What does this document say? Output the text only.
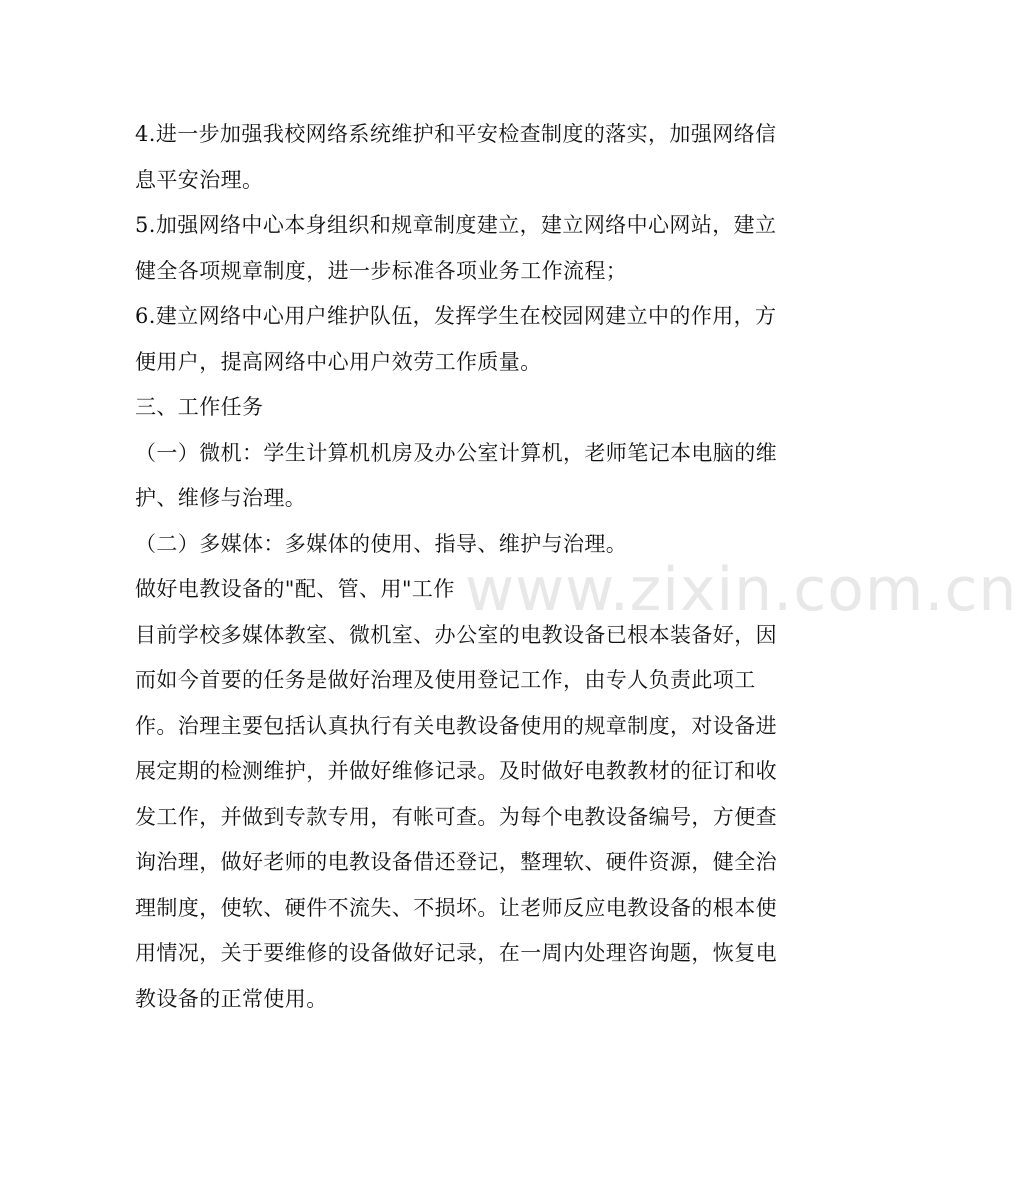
www.zixin.com.cn

4.进一步加强我校网络系统维护和平安检查制度的落实，加强网络信息平安治理。

5.加强网络中心本身组织和规章制度建立，建立网络中心网站，建立健全各项规章制度，进一步标准各项业务工作流程；

6.建立网络中心用户维护队伍，发挥学生在校园网建立中的作用，方便用户，提高网络中心用户效劳工作质量。

三、工作任务

（一）微机：学生计算机机房及办公室计算机，老师笔记本电脑的维护、维修与治理。

（二）多媒体：多媒体的使用、指导、维护与治理。

做好电教设备的"配、管、用"工作

目前学校多媒体教室、微机室、办公室的电教设备已根本装备好，因而如今首要的任务是做好治理及使用登记工作，由专人负责此项工作。治理主要包括认真执行有关电教设备使用的规章制度，对设备进展定期的检测维护，并做好维修记录。及时做好电教教材的征订和收发工作，并做到专款专用，有帐可查。为每个电教设备编号，方便查询治理，做好老师的电教设备借还登记，整理软、硬件资源，健全治理制度，使软、硬件不流失、不损坏。让老师反应电教设备的根本使用情况，关于要维修的设备做好记录，在一周内处理咨询题，恢复电教设备的正常使用。
